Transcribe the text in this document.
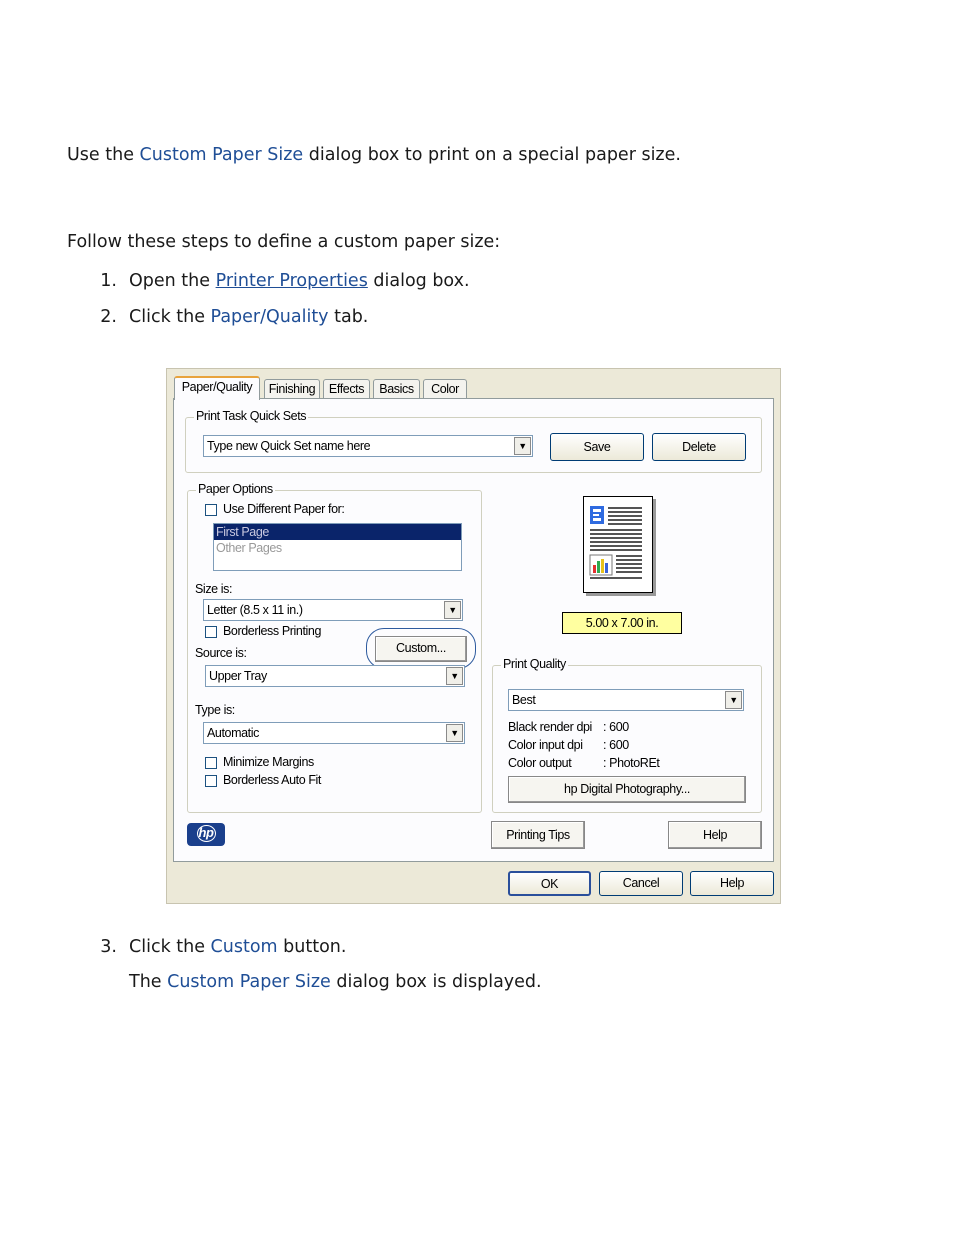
Use the Custom Paper Size dialog box to print on a special paper size.

Follow these steps to define a custom paper size:

1. Open the Printer Properties dialog box.
2. Click the Paper/Quality tab.
Paper/Quality	Finishing	Effects	Basics	Color
Print Task Quick Sets
Type new Quick Set name here	▼	Save	Delete
Paper Options
Use Different Paper for:
First Page
Other Pages
Size is:
Letter (8.5 x 11 in.)	▼
Borderless Printing
Custom...
Source is:
Upper Tray	▼
Type is:
Automatic	▼
Minimize Margins
Borderless Auto Fit
5.00 x 7.00 in.
Print Quality
Best	▼
Black render dpi : 600
Color input dpi : 600
Color output	: PhotoREt
hp Digital Photography...
hp	Printing Tips	Help
OK	Cancel	Help
3. Click the Custom button.

The Custom Paper Size dialog box is displayed.
